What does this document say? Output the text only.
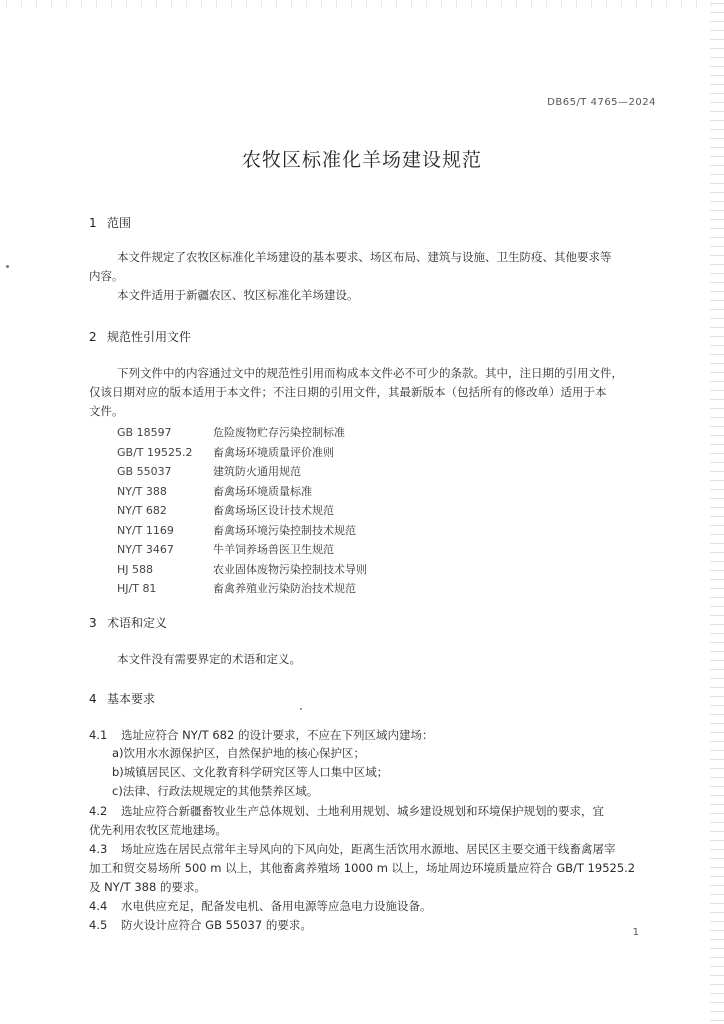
DB65/T 4765—2024
农牧区标准化羊场建设规范
1 范围
本文件规定了农牧区标准化羊场建设的基本要求、场区布局、建筑与设施、卫生防疫、其他要求等
内容。
本文件适用于新疆农区、牧区标准化羊场建设。
2 规范性引用文件
下列文件中的内容通过文中的规范性引用而构成本文件必不可少的条款。其中，注日期的引用文件，
仅该日期对应的版本适用于本文件；不注日期的引用文件，其最新版本（包括所有的修改单）适用于本
文件。
GB 18597	危险废物贮存污染控制标准
GB/T 19525.2 畜禽场环境质量评价准则
GB 55037	建筑防火通用规范
NY/T 388	畜禽场环境质量标准
NY/T 682	畜禽场场区设计技术规范
NY/T 1169	畜禽场环境污染控制技术规范
NY/T 3467	牛羊饲养场兽医卫生规范
HJ 588	农业固体废物污染控制技术导则
HJ/T 81	畜禽养殖业污染防治技术规范
3 术语和定义
本文件没有需要界定的术语和定义。
4 基本要求
4.1 选址应符合 NY/T 682 的设计要求，不应在下列区域内建场：
a)饮用水水源保护区，自然保护地的核心保护区；
b)城镇居民区、文化教育科学研究区等人口集中区域；
c)法律、行政法规规定的其他禁养区域。
4.2 选址应符合新疆畜牧业生产总体规划、土地利用规划、城乡建设规划和环境保护规划的要求，宜
优先利用农牧区荒地建场。
4.3 场址应选在居民点常年主导风向的下风向处，距离生活饮用水源地、居民区主要交通干线畜禽屠宰
加工和贸交易场所 500 m 以上，其他畜禽养殖场 1000 m 以上，场址周边环境质量应符合 GB/T 19525.2
及 NY/T 388 的要求。
4.4 水电供应充足，配备发电机、备用电源等应急电力设施设备。
4.5 防火设计应符合 GB 55037 的要求。
1
